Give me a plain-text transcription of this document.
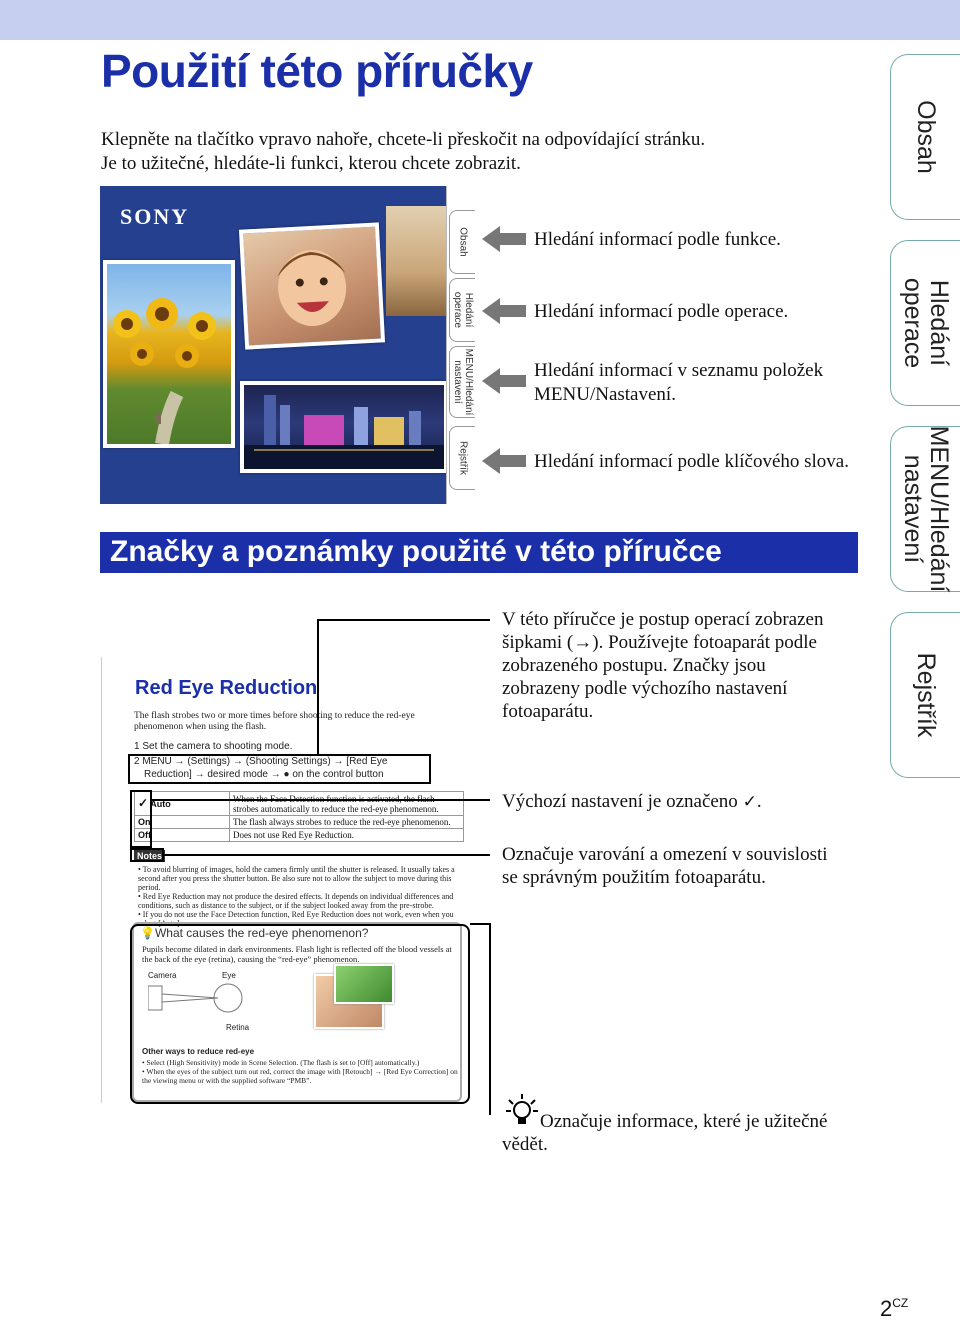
Použití této příručky
Klepněte na tlačítko vpravo nahoře, chcete-li přeskočit na odpovídající stránku.
Je to užitečné, hledáte-li funkci, kterou chcete zobrazit.	Obsah
Hledání
operace
MENU/Hledání
nastavení
Rejstřík
SONY
Obsah
Hledání
operace
MENU/Hledání
nastavení
Rejstřík
Hledání informací podle funkce.
Hledání informací podle operace.
Hledání informací v seznamu položek
MENU/Nastavení.
Hledání informací podle klíčového slova.
Značky a poznámky použité v této příručce
Red Eye Reduction
The flash strobes two or more times before shooting to reduce the red-eye phenomenon when using the flash.
1 Set the camera to shooting mode.
2 MENU → (Settings) → (Shooting Settings) → [Red Eye
Reduction] → desired mode → ● on the control button
✓ Auto	When the Face Detection function is activated, the flash strobes automatically to reduce the red-eye phenomenon.
On	The flash always strobes to reduce the red-eye phenomenon.
Off	Does not use Red Eye Reduction.
Notes
• To avoid blurring of images, hold the camera firmly until the shutter is released. It usually takes a second after you press the shutter button. Be also sure not to allow the subject to move during this period.
• Red Eye Reduction may not produce the desired effects. It depends on individual differences and conditions, such as distance to the subject, or if the subject looked away from the pre-strobe.
• If you do not use the Face Detection function, Red Eye Reduction does not work, even when you select [Auto].
💡What causes the red-eye phenomenon?
Pupils become dilated in dark environments. Flash light is reflected off the blood vessels at the back of the eye (retina), causing the “red-eye” phenomenon.
Camera	Eye
Retina
Other ways to reduce red-eye
• Select (High Sensitivity) mode in Scene Selection. (The flash is set to [Off] automatically.)
• When the eyes of the subject turn out red, correct the image with [Retouch] → [Red Eye Correction] on the viewing menu or with the supplied software “PMB”.
V této příručce je postup operací zobrazen
šipkami (→). Používejte fotoaparát podle
zobrazeného postupu. Značky jsou
zobrazeny podle výchozího nastavení
fotoaparátu.
Výchozí nastavení je označeno ✓.
Označuje varování a omezení v souvislosti
se správným použitím fotoaparátu.
Označuje informace, které je užitečné
vědět.
$2^{CZ}$
